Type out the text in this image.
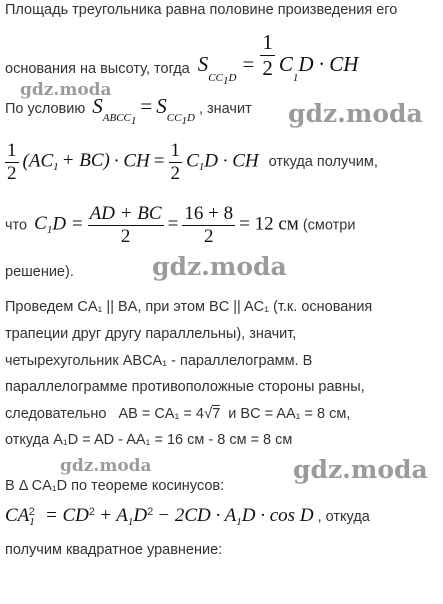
Площадь треугольника равна половине произведения его
основания на высоту, тогда $S_{CC_1D} = \frac{1}{2} C_1D$ · CH
По условию $S_{ABCC_1} = S_{CC_1D}$ , значит
$\frac{1}{2} (AC_1 + BC)$ · CH = $\frac{1}{2} C_1D$ · CH откуда получим,
что $C_1D = \frac{AD + BC}{2} = \frac{16 + 8}{2} = 12$ см (смотри
решение).
Проведем CA₁ || BA, при этом BC || AC₁ (т.к. основания
трапеции друг другу параллельны), значит,
четырехугольник ABCA₁ - параллелограмм. В
параллелограмме противоположные стороны равны,
следовательно AB = CA₁ = 4√7 и BC = AA₁ = 8 см,
откуда A₁D = AD - AA₁ = 16 см - 8 см = 8 см
В Δ CA₁D по теореме косинусов:
$CA_1^2 = CD^2 + A_1D^2 - 2CD \cdot A_1D \cdot \cos D$ , откуда
получим квадратное уравнение:
gdz.moda
gdz.moda
gdz.moda
gdz.moda	gdz.moda
